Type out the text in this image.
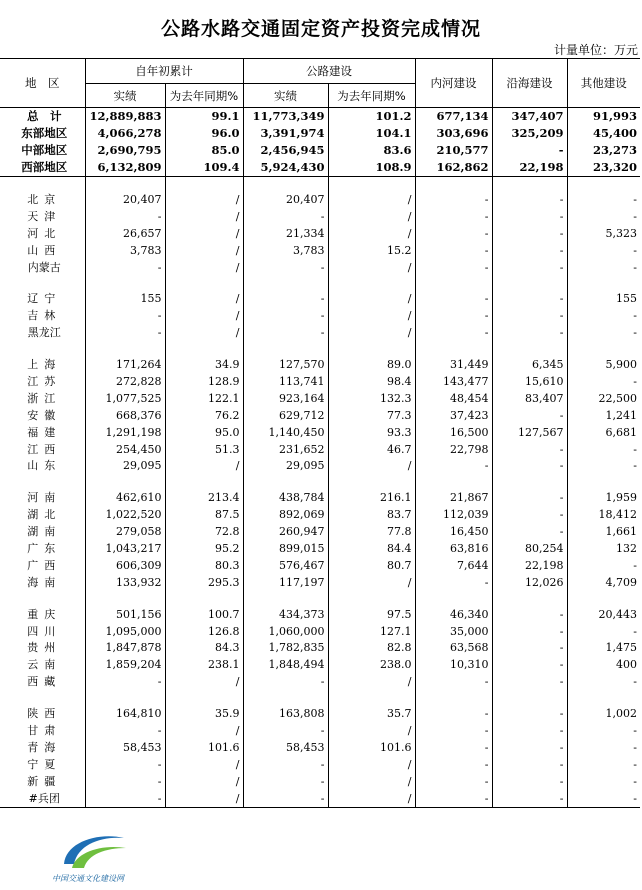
公路水路交通固定资产投资完成情况
计量单位：万元
地　区	自年初累计		公路建设		内河建设	沿海建设	其他建设
	实绩	为去年同期%	实绩	为去年同期%			
总　计	12,889,883	99.1	11,773,349	101.2	677,134	347,407	91,993
东部地区	4,066,278	96.0	3,391,974	104.1	303,696	325,209	45,400
中部地区	2,690,795	85.0	2,456,945	83.6	210,577	-	23,273
西部地区	6,132,809	109.4	5,924,430	108.9	162,862	22,198	23,320

北京	20,407	/	20,407	/	-	-	-
天津	-	/	-	/	-	-	-
河北	26,657	/	21,334	/	-	-	5,323
山西	3,783	/	3,783	15.2	-	-	-
内蒙古	-	/	-	/	-	-	-

辽宁	155	/	-	/	-	-	155
吉林	-	/	-	/	-	-	-
黑龙江	-	/	-	/	-	-	-

上海	171,264	34.9	127,570	89.0	31,449	6,345	5,900
江苏	272,828	128.9	113,741	98.4	143,477	15,610	-
浙江	1,077,525	122.1	923,164	132.3	48,454	83,407	22,500
安徽	668,376	76.2	629,712	77.3	37,423	-	1,241
福建	1,291,198	95.0	1,140,450	93.3	16,500	127,567	6,681
江西	254,450	51.3	231,652	46.7	22,798	-	-
山东	29,095	/	29,095	/	-	-	-

河南	462,610	213.4	438,784	216.1	21,867	-	1,959
湖北	1,022,520	87.5	892,069	83.7	112,039	-	18,412
湖南	279,058	72.8	260,947	77.8	16,450	-	1,661
广东	1,043,217	95.2	899,015	84.4	63,816	80,254	132
广西	606,309	80.3	576,467	80.7	7,644	22,198	-
海南	133,932	295.3	117,197	/	-	12,026	4,709

重庆	501,156	100.7	434,373	97.5	46,340	-	20,443
四川	1,095,000	126.8	1,060,000	127.1	35,000	-	-
贵州	1,847,878	84.3	1,782,835	82.8	63,568	-	1,475
云南	1,859,204	238.1	1,848,494	238.0	10,310	-	400
西藏	-	/	-	/	-	-	-

陕西	164,810	35.9	163,808	35.7	-	-	1,002
甘肃	-	/	-	/	-	-	-
青海	58,453	101.6	58,453	101.6	-	-	-
宁夏	-	/	-	/	-	-	-
新疆	-	/	-	/	-	-	-
#兵团	-	/	-	/	-	-	-
中国交通文化建设网
